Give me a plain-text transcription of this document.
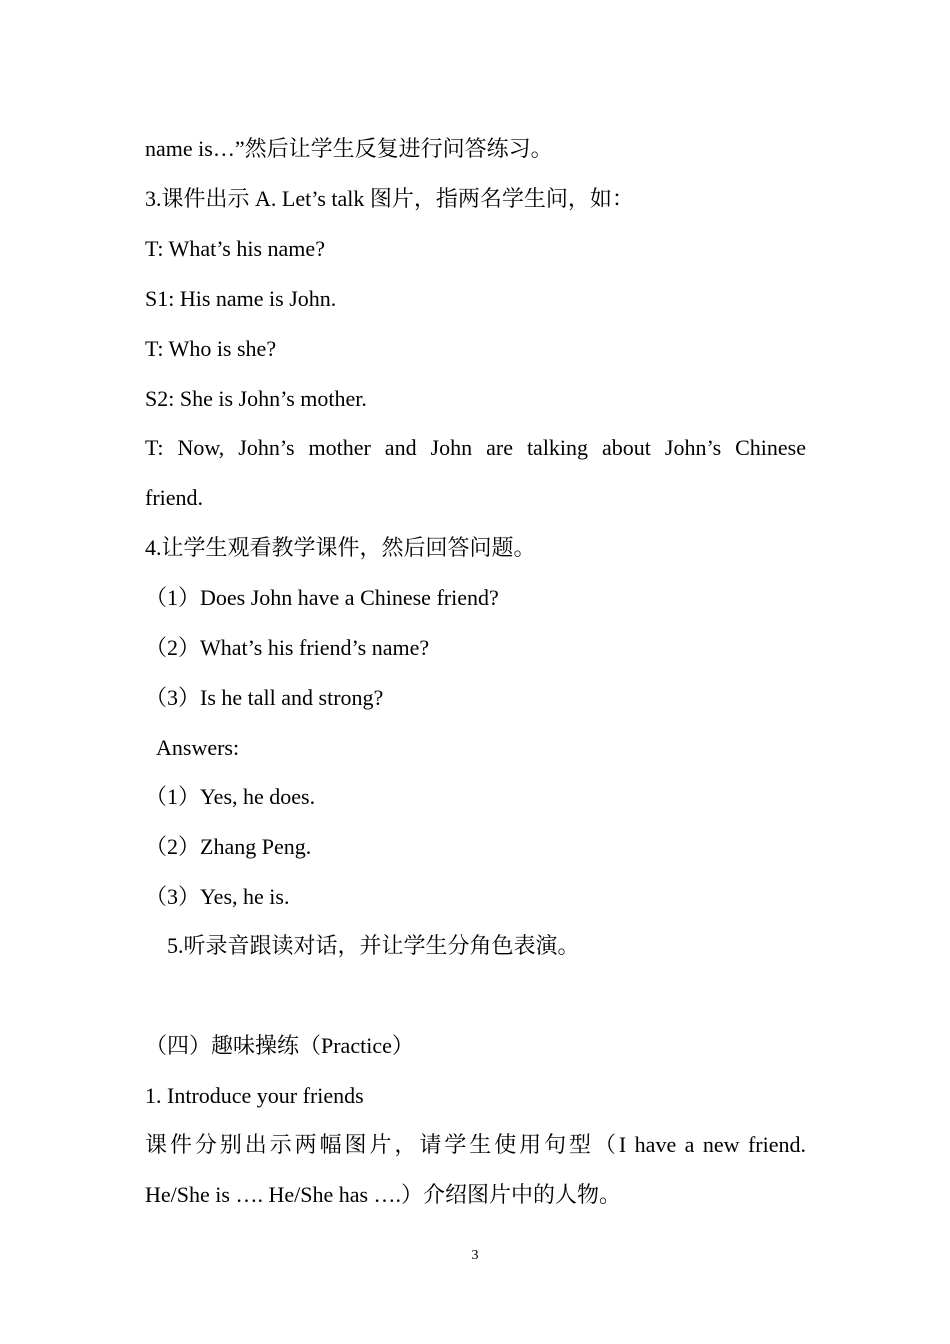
name is…”然后让学生反复进行问答练习。
3.课件出示 A. Let’s talk 图片，指两名学生问，如：
T: What’s his name?
S1: His name is John.
T: Who is she?
S2: She is John’s mother.
T: Now, John’s mother and John are talking about John’s Chinese
friend.
4.让学生观看教学课件，然后回答问题。
（1）Does John have a Chinese friend?
（2）What’s his friend’s name?
（3）Is he tall and strong?
Answers:
（1）Yes, he does.
（2）Zhang Peng.
（3）Yes, he is.
5.听录音跟读对话，并让学生分角色表演。
（四）趣味操练（Practice）
1. Introduce your friends
课件分别出示两幅图片，请学生使用句型（I have a new friend.
He/She is …. He/She has ….）介绍图片中的人物。
3
